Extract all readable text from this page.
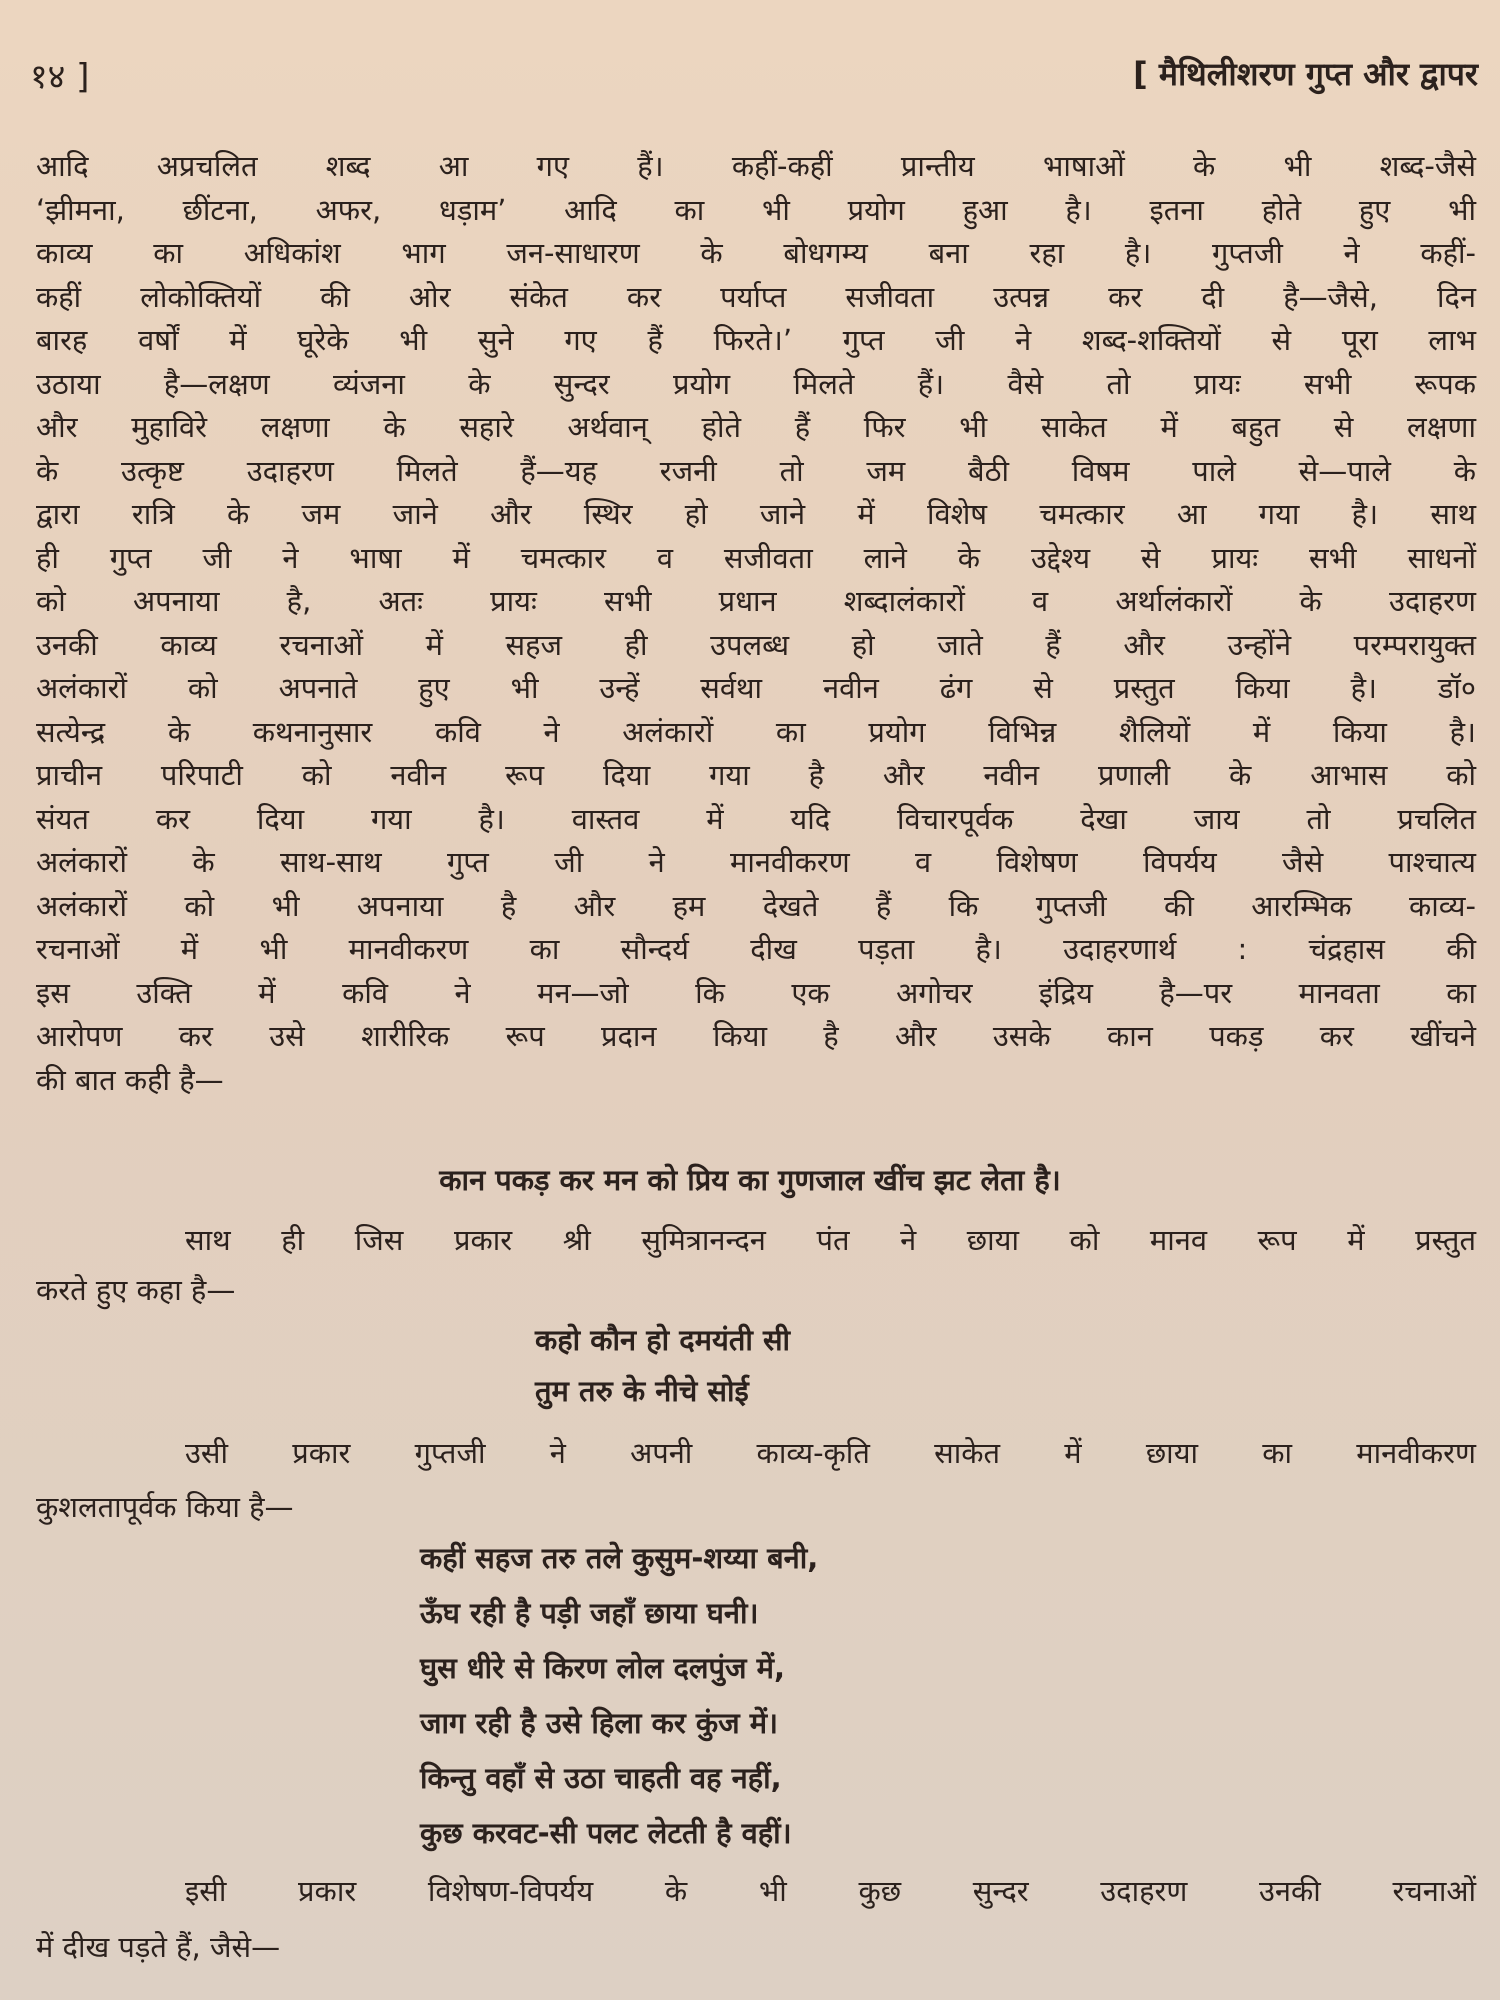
१४ ]	[ मैथिलीशरण गुप्त और द्वापर
आदि अप्रचलित शब्द आ गए हैं। कहीं-कहीं प्रान्तीय भाषाओं के भी शब्द-जैसे
‘झीमना, छींटना, अफर, धड़ाम’ आदि का भी प्रयोग हुआ है। इतना होते हुए भी
काव्य का अधिकांश भाग जन-साधारण के बोधगम्य बना रहा है। गुप्तजी ने कहीं-
कहीं लोकोक्तियों की ओर संकेत कर पर्याप्त सजीवता उत्पन्न कर दी है—जैसे, दिन
बारह वर्षों में घूरेके भी सुने गए हैं फिरते।’ गुप्त जी ने शब्द-शक्तियों से पूरा लाभ
उठाया है—लक्षण व्यंजना के सुन्दर प्रयोग मिलते हैं। वैसे तो प्रायः सभी रूपक
और मुहाविरे लक्षणा के सहारे अर्थवान् होते हैं फिर भी साकेत में बहुत से लक्षणा
के उत्कृष्ट उदाहरण मिलते हैं—यह रजनी तो जम बैठी विषम पाले से—पाले के
द्वारा रात्रि के जम जाने और स्थिर हो जाने में विशेष चमत्कार आ गया है। साथ
ही गुप्त जी ने भाषा में चमत्कार व सजीवता लाने के उद्देश्य से प्रायः सभी साधनों
को अपनाया है, अतः प्रायः सभी प्रधान शब्दालंकारों व अर्थालंकारों के उदाहरण
उनकी काव्य रचनाओं में सहज ही उपलब्ध हो जाते हैं और उन्होंने परम्परायुक्त
अलंकारों को अपनाते हुए भी उन्हें सर्वथा नवीन ढंग से प्रस्तुत किया है। डॉ०
सत्येन्द्र के कथनानुसार कवि ने अलंकारों का प्रयोग विभिन्न शैलियों में किया है।
प्राचीन परिपाटी को नवीन रूप दिया गया है और नवीन प्रणाली के आभास को
संयत कर दिया गया है। वास्तव में यदि विचारपूर्वक देखा जाय तो प्रचलित
अलंकारों के साथ-साथ गुप्त जी ने मानवीकरण व विशेषण विपर्यय जैसे पाश्चात्य
अलंकारों को भी अपनाया है और हम देखते हैं कि गुप्तजी की आरम्भिक काव्य-
रचनाओं में भी मानवीकरण का सौन्दर्य दीख पड़ता है। उदाहरणार्थ : चंद्रहास की
इस उक्ति में कवि ने मन—जो कि एक अगोचर इंद्रिय है—पर मानवता का
आरोपण कर उसे शारीरिक रूप प्रदान किया है और उसके कान पकड़ कर खींचने
की बात कही है—
कान पकड़ कर मन को प्रिय का गुणजाल खींच झट लेता है।
साथ ही जिस प्रकार श्री सुमित्रानन्दन पंत ने छाया को मानव रूप में प्रस्तुत
करते हुए कहा है—
कहो कौन हो दमयंती सी
तुम तरु के नीचे सोई
उसी प्रकार गुप्तजी ने अपनी काव्य-कृति साकेत में छाया का मानवीकरण
कुशलतापूर्वक किया है—
कहीं सहज तरु तले कुसुम-शय्या बनी,
ऊँघ रही है पड़ी जहाँ छाया घनी।
घुस धीरे से किरण लोल दलपुंज में,
जाग रही है उसे हिला कर कुंज में।
किन्तु वहाँ से उठा चाहती वह नहीं,
कुछ करवट-सी पलट लेटती है वहीं।
इसी प्रकार विशेषण-विपर्यय के भी कुछ सुन्दर उदाहरण उनकी रचनाओं
में दीख पड़ते हैं, जैसे—
